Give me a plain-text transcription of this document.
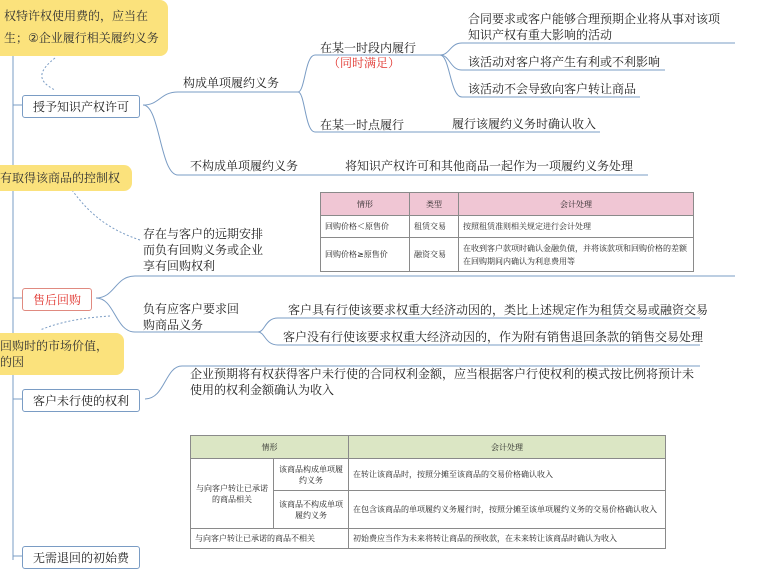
权特许权使用费的，应当在
生；②企业履行相关履约义务
有取得该商品的控制权
回购时的市场价值，
的因
授予知识产权许可
售后回购
客户未行使的权利
无需退回的初始费
构成单项履约义务
不构成单项履约义务	将知识产权许可和其他商品一起作为一项履约义务处理
在某一时段内履行
（同时满足）
合同要求或客户能够合理预期企业将从事对该项知识产权有重大影响的活动
该活动对客户将产生有利或不利影响
该活动不会导致向客户转让商品
在某一时点履行	履行该履约义务时确认收入
情形	类型	会计处理
回购价格＜原售价	租赁交易	按照租赁准则相关规定进行会计处理
回购价格≥原售价	融资交易	在收到客户款项时确认金融负债，并将该款项和回购价格的差额在回购期间内确认为利息费用等
存在与客户的远期安排而负有回购义务或企业享有回购权利
负有应客户要求回购商品义务
客户具有行使该要求权重大经济动因的，类比上述规定作为租赁交易或融资交易
客户没有行使该要求权重大经济动因的，作为附有销售退回条款的销售交易处理
企业预期将有权获得客户未行使的合同权利金额，应当根据客户行使权利的模式按比例将预计未使用的权利金额确认为收入
情形		会计处理
与向客户转让已承诺的商品相关	该商品构成单项履约义务	在转让该商品时，按照分摊至该商品的交易价格确认收入
	该商品不构成单项履约义务	在包含该商品的单项履约义务履行时，按照分摊至该单项履约义务的交易价格确认收入
与向客户转让已承诺的商品不相关		初始费应当作为未来将转让商品的预收款，在未来转让该商品时确认为收入
